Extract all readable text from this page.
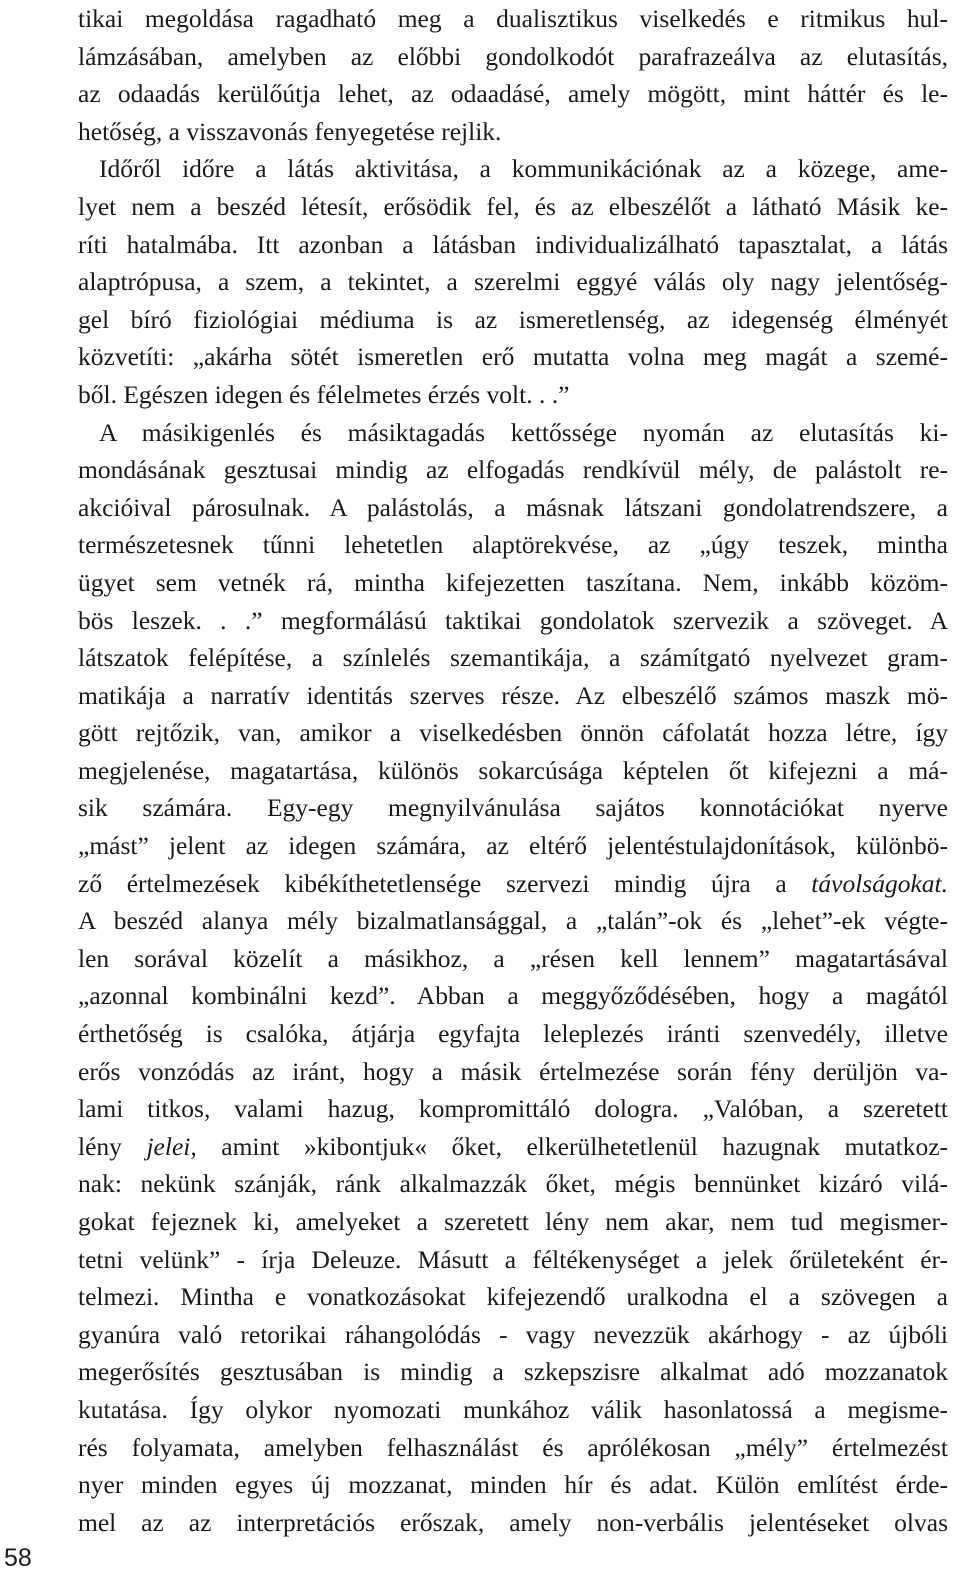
tikai megoldása ragadható meg a dualisztikus viselkedés e ritmikus hul-
lámzásában, amelyben az előbbi gondolkodót parafrazeálva az elutasítás,
az odaadás kerülőútja lehet, az odaadásé, amely mögött, mint háttér és le-
hetőség, a visszavonás fenyegetése rejlik.
Időről időre a látás aktivitása, a kommunikációnak az a közege, ame-
lyet nem a beszéd létesít, erősödik fel, és az elbeszélőt a látható Másik ke-
ríti hatalmába. Itt azonban a látásban individualizálható tapasztalat, a látás
alaptrópusa, a szem, a tekintet, a szerelmi eggyé válás oly nagy jelentőség-
gel bíró fiziológiai médiuma is az ismeretlenség, az idegenség élményét
közvetíti: „akárha sötét ismeretlen erő mutatta volna meg magát a szemé-
ből. Egészen idegen és félelmetes érzés volt. . .”
A másikigenlés és másiktagadás kettőssége nyomán az elutasítás ki-
mondásának gesztusai mindig az elfogadás rendkívül mély, de palástolt re-
akcióival párosulnak. A palástolás, a másnak látszani gondolatrendszere, a
természetesnek tűnni lehetetlen alaptörekvése, az „úgy teszek, mintha
ügyet sem vetnék rá, mintha kifejezetten taszítana. Nem, inkább közöm-
bös leszek. . .” megformálású taktikai gondolatok szervezik a szöveget. A
látszatok felépítése, a színlelés szemantikája, a számítgató nyelvezet gram-
matikája a narratív identitás szerves része. Az elbeszélő számos maszk mö-
gött rejtőzik, van, amikor a viselkedésben önnön cáfolatát hozza létre, így
megjelenése, magatartása, különös sokarcúsága képtelen őt kifejezni a má-
sik számára. Egy-egy megnyilvánulása sajátos konnotációkat nyerve
„mást” jelent az idegen számára, az eltérő jelentéstulajdonítások, különbö-
ző értelmezések kibékíthetetlensége szervezi mindig újra a távolságokat.
A beszéd alanya mély bizalmatlansággal, a „talán”-ok és „lehet”-ek végte-
len sorával közelít a másikhoz, a „résen kell lennem” magatartásával
„azonnal kombinálni kezd”. Abban a meggyőződésében, hogy a magától
érthetőség is csalóka, átjárja egyfajta leleplezés iránti szenvedély, illetve
erős vonzódás az iránt, hogy a másik értelmezése során fény derüljön va-
lami titkos, valami hazug, kompromittáló dologra. „Valóban, a szeretett
lény jelei, amint »kibontjuk« őket, elkerülhetetlenül hazugnak mutatkoz-
nak: nekünk szánják, ránk alkalmazzák őket, mégis bennünket kizáró vilá-
gokat fejeznek ki, amelyeket a szeretett lény nem akar, nem tud megismer-
tetni velünk” - írja Deleuze. Másutt a féltékenységet a jelek őrületeként ér-
telmezi. Mintha e vonatkozásokat kifejezendő uralkodna el a szövegen a
gyanúra való retorikai ráhangolódás - vagy nevezzük akárhogy - az újbóli
megerősítés gesztusában is mindig a szkepszisre alkalmat adó mozzanatok
kutatása. Így olykor nyomozati munkához válik hasonlatossá a megisme-
rés folyamata, amelyben felhasználást és aprólékosan „mély” értelmezést
nyer minden egyes új mozzanat, minden hír és adat. Külön említést érde-
mel az az interpretációs erőszak, amely non-verbális jelentéseket olvas
58
